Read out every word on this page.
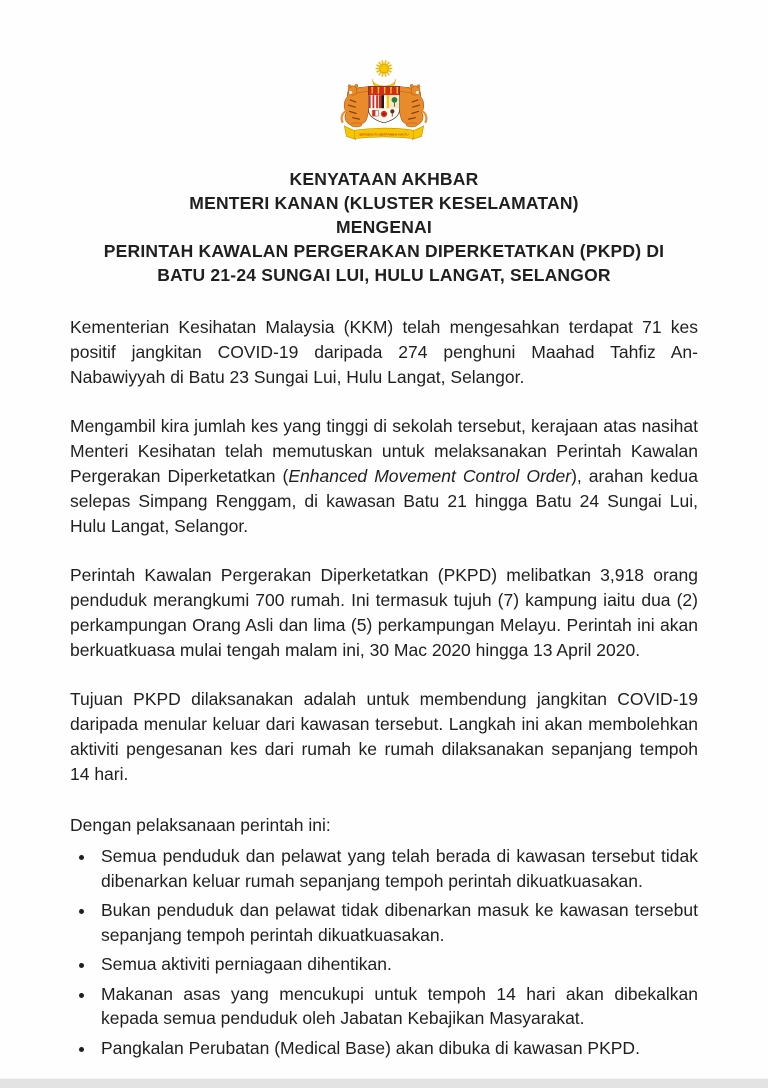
BERSEKUTU BERTAMBAH MUTU
KENYATAAN AKHBAR
MENTERI KANAN (KLUSTER KESELAMATAN)
MENGENAI
PERINTAH KAWALAN PERGERAKAN DIPERKETATKAN (PKPD) DI
BATU 21-24 SUNGAI LUI, HULU LANGAT, SELANGOR

Kementerian Kesihatan Malaysia (KKM) telah mengesahkan terdapat 71 kes positif jangkitan COVID-19 daripada 274 penghuni Maahad Tahfiz An-Nabawiyyah di Batu 23 Sungai Lui, Hulu Langat, Selangor.

Mengambil kira jumlah kes yang tinggi di sekolah tersebut, kerajaan atas nasihat Menteri Kesihatan telah memutuskan untuk melaksanakan Perintah Kawalan Pergerakan Diperketatkan (Enhanced Movement Control Order), arahan kedua selepas Simpang Renggam, di kawasan Batu 21 hingga Batu 24 Sungai Lui, Hulu Langat, Selangor.

Perintah Kawalan Pergerakan Diperketatkan (PKPD) melibatkan 3,918 orang penduduk merangkumi 700 rumah. Ini termasuk tujuh (7) kampung iaitu dua (2) perkampungan Orang Asli dan lima (5) perkampungan Melayu. Perintah ini akan berkuatkuasa mulai tengah malam ini, 30 Mac 2020 hingga 13 April 2020.

Tujuan PKPD dilaksanakan adalah untuk membendung jangkitan COVID-19 daripada menular keluar dari kawasan tersebut. Langkah ini akan membolehkan aktiviti pengesanan kes dari rumah ke rumah dilaksanakan sepanjang tempoh 14 hari.

Dengan pelaksanaan perintah ini:

• Semua penduduk dan pelawat yang telah berada di kawasan tersebut tidak dibenarkan keluar rumah sepanjang tempoh perintah dikuatkuasakan.
• Bukan penduduk dan pelawat tidak dibenarkan masuk ke kawasan tersebut sepanjang tempoh perintah dikuatkuasakan.
• Semua aktiviti perniagaan dihentikan.
• Makanan asas yang mencukupi untuk tempoh 14 hari akan dibekalkan kepada semua penduduk oleh Jabatan Kebajikan Masyarakat.
• Pangkalan Perubatan (Medical Base) akan dibuka di kawasan PKPD.
